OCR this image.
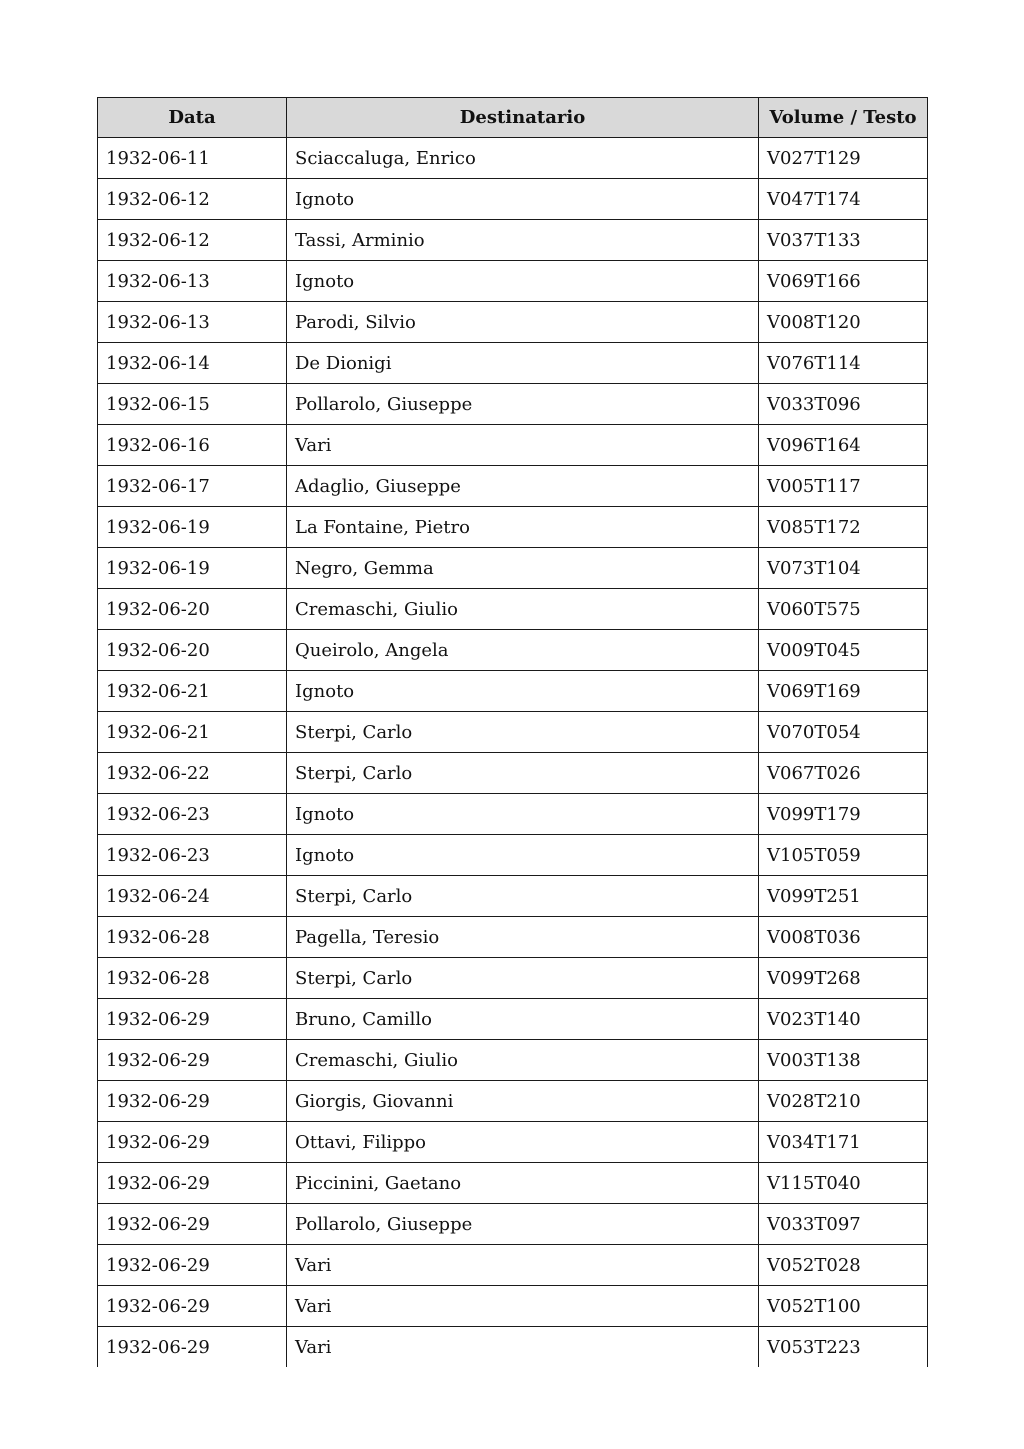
Data	Destinatario	Volume / Testo
1932-06-11	Sciaccaluga, Enrico	V027T129
1932-06-12	Ignoto	V047T174
1932-06-12	Tassi, Arminio	V037T133
1932-06-13	Ignoto	V069T166
1932-06-13	Parodi, Silvio	V008T120
1932-06-14	De Dionigi	V076T114
1932-06-15	Pollarolo, Giuseppe	V033T096
1932-06-16	Vari	V096T164
1932-06-17	Adaglio, Giuseppe	V005T117
1932-06-19	La Fontaine, Pietro	V085T172
1932-06-19	Negro, Gemma	V073T104
1932-06-20	Cremaschi, Giulio	V060T575
1932-06-20	Queirolo, Angela	V009T045
1932-06-21	Ignoto	V069T169
1932-06-21	Sterpi, Carlo	V070T054
1932-06-22	Sterpi, Carlo	V067T026
1932-06-23	Ignoto	V099T179
1932-06-23	Ignoto	V105T059
1932-06-24	Sterpi, Carlo	V099T251
1932-06-28	Pagella, Teresio	V008T036
1932-06-28	Sterpi, Carlo	V099T268
1932-06-29	Bruno, Camillo	V023T140
1932-06-29	Cremaschi, Giulio	V003T138
1932-06-29	Giorgis, Giovanni	V028T210
1932-06-29	Ottavi, Filippo	V034T171
1932-06-29	Piccinini, Gaetano	V115T040
1932-06-29	Pollarolo, Giuseppe	V033T097
1932-06-29	Vari	V052T028
1932-06-29	Vari	V052T100
1932-06-29	Vari	V053T223
